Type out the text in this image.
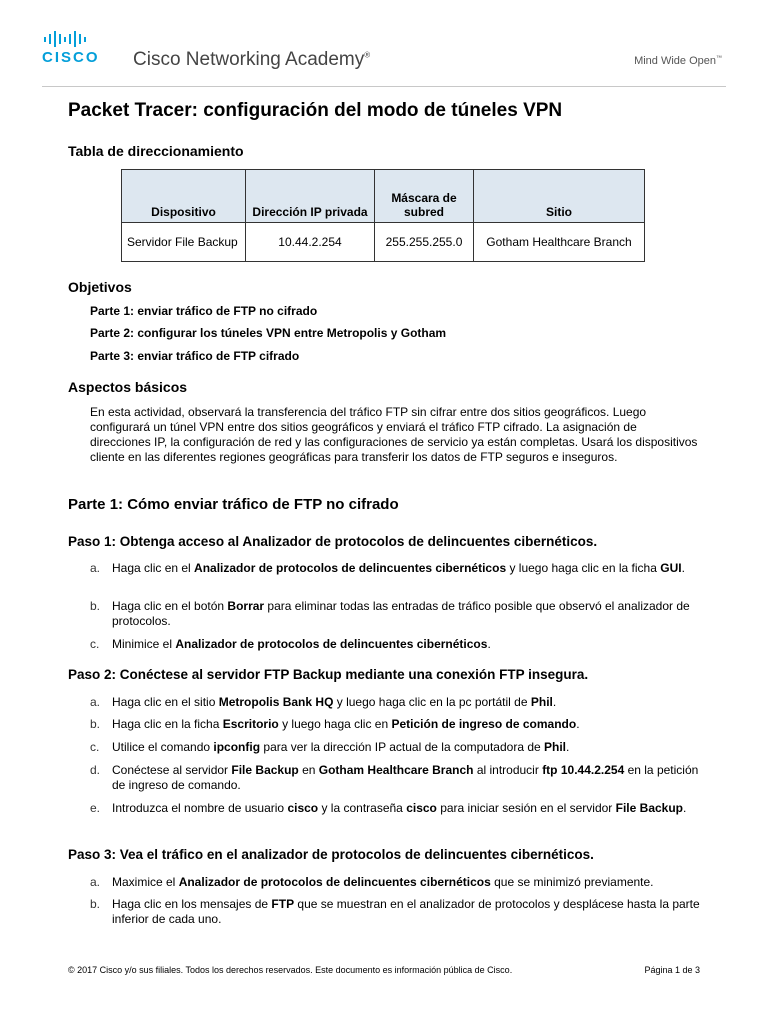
CISCO Cisco Networking Academy®	Mind Wide Open™
Packet Tracer: configuración del modo de túneles VPN
Tabla de direccionamiento
Dispositivo	Dirección IP privada	Máscara de subred	Sitio
Servidor File Backup	10.44.2.254	255.255.255.0	Gotham Healthcare Branch
Objetivos
Parte 1: enviar tráfico de FTP no cifrado
Parte 2: configurar los túneles VPN entre Metropolis y Gotham
Parte 3: enviar tráfico de FTP cifrado
Aspectos básicos
En esta actividad, observará la transferencia del tráfico FTP sin cifrar entre dos sitios geográficos. Luego configurará un túnel VPN entre dos sitios geográficos y enviará el tráfico FTP cifrado. La asignación de direcciones IP, la configuración de red y las configuraciones de servicio ya están completas. Usará los dispositivos cliente en las diferentes regiones geográficas para transferir los datos de FTP seguros e inseguros.
Parte 1: Cómo enviar tráfico de FTP no cifrado
Paso 1: Obtenga acceso al Analizador de protocolos de delincuentes cibernéticos.
a. Haga clic en el Analizador de protocolos de delincuentes cibernéticos y luego haga clic en la ficha GUI.
b. Haga clic en el botón Borrar para eliminar todas las entradas de tráfico posible que observó el analizador de protocolos.
c. Minimice el Analizador de protocolos de delincuentes cibernéticos.
Paso 2: Conéctese al servidor FTP Backup mediante una conexión FTP insegura.
a. Haga clic en el sitio Metropolis Bank HQ y luego haga clic en la pc portátil de Phil.
b. Haga clic en la ficha Escritorio y luego haga clic en Petición de ingreso de comando.
c. Utilice el comando ipconfig para ver la dirección IP actual de la computadora de Phil.
d. Conéctese al servidor File Backup en Gotham Healthcare Branch al introducir ftp 10.44.2.254 en la petición de ingreso de comando.
e. Introduzca el nombre de usuario cisco y la contraseña cisco para iniciar sesión en el servidor File Backup.
Paso 3: Vea el tráfico en el analizador de protocolos de delincuentes cibernéticos.
a. Maximice el Analizador de protocolos de delincuentes cibernéticos que se minimizó previamente.
b. Haga clic en los mensajes de FTP que se muestran en el analizador de protocolos y desplácese hasta la parte inferior de cada uno.
© 2017 Cisco y/o sus filiales. Todos los derechos reservados. Este documento es información pública de Cisco.	Página 1 de 3
